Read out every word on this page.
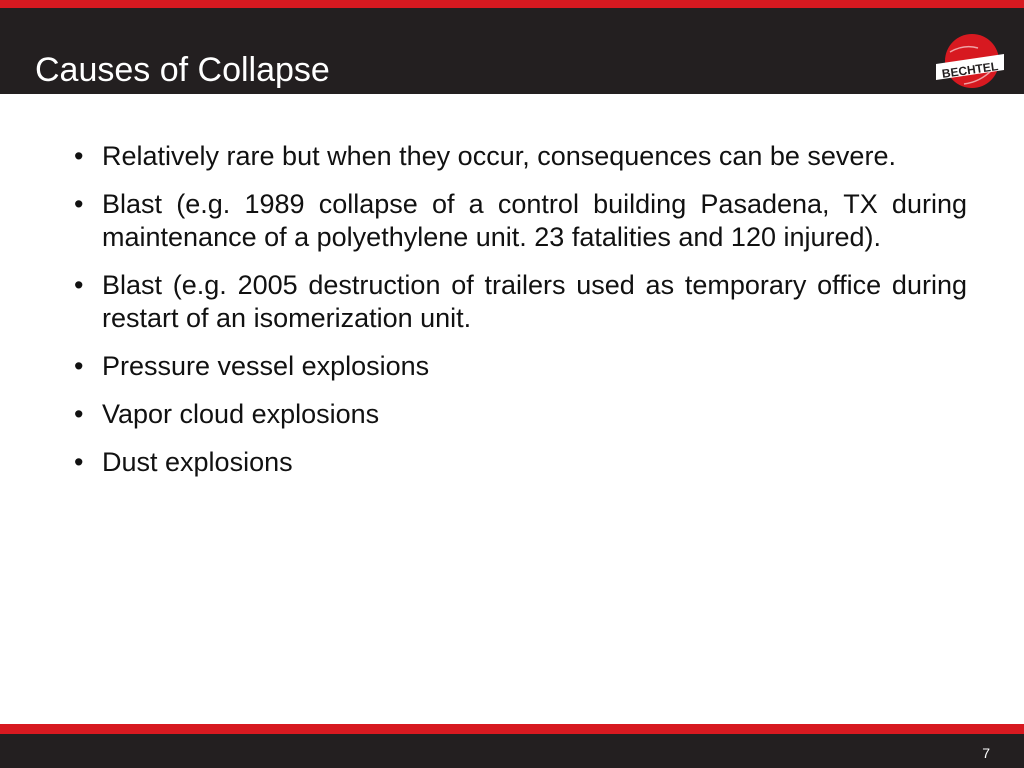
Causes of Collapse	BECHTEL
• Relatively rare but when they occur, consequences can be severe.
• Blast (e.g. 1989 collapse of a control building Pasadena, TX during maintenance of a polyethylene unit. 23 fatalities and 120 injured).
• Blast (e.g. 2005 destruction of trailers used as temporary office during restart of an isomerization unit.
• Pressure vessel explosions
• Vapor cloud explosions
• Dust explosions
7
